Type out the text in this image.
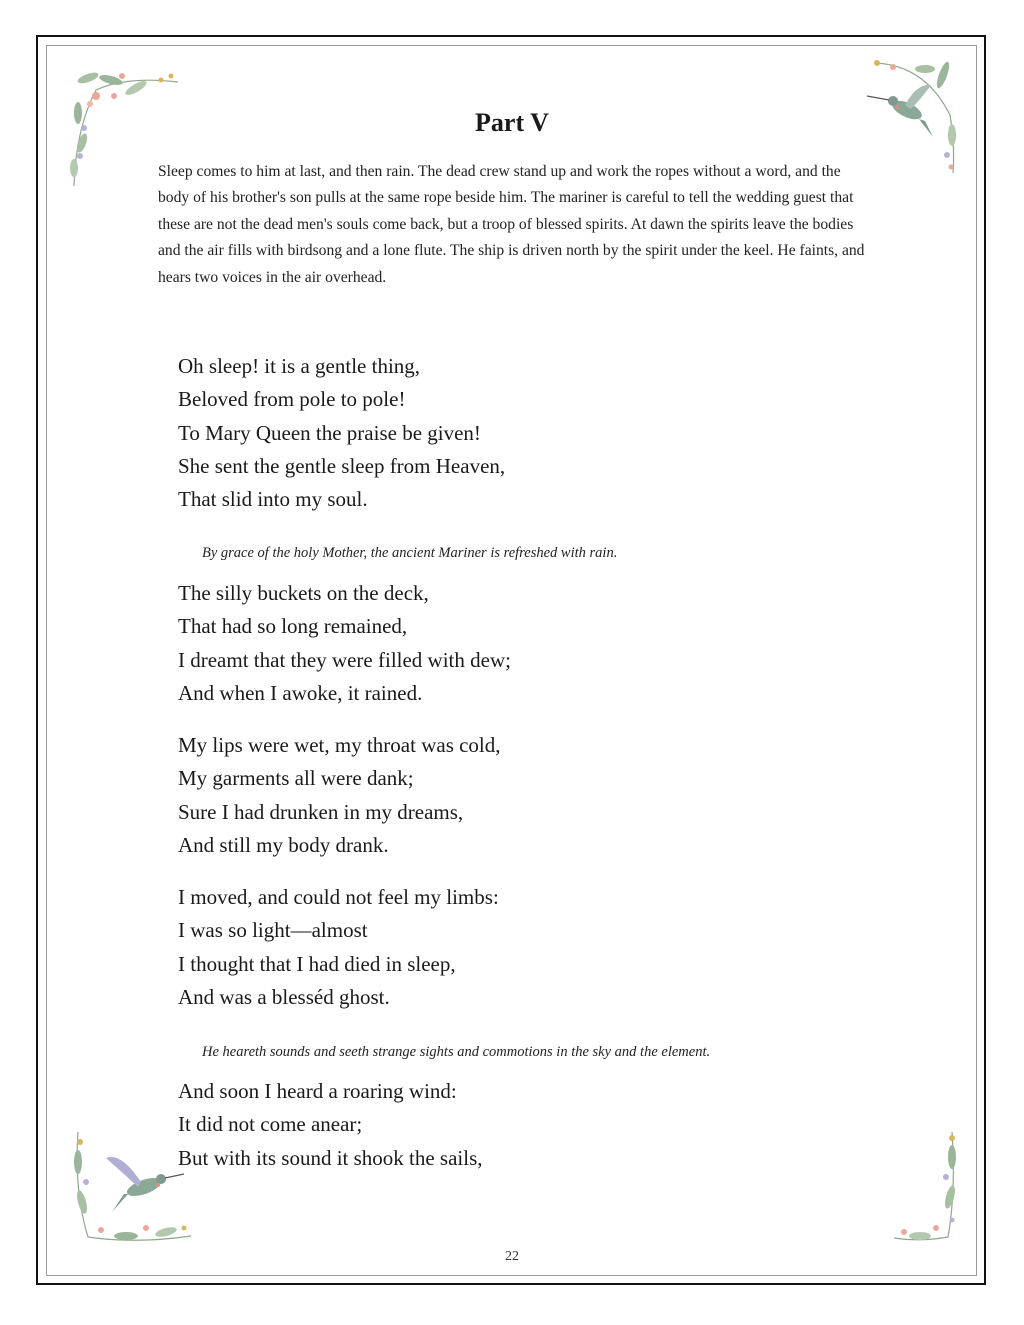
Part V

Sleep comes to him at last, and then rain. The dead crew stand up and work the ropes without a word, and the body of his brother's son pulls at the same rope beside him. The mariner is careful to tell the wedding guest that these are not the dead men's souls come back, but a troop of blessed spirits. At dawn the spirits leave the bodies and the air fills with birdsong and a lone flute. The ship is driven north by the spirit under the keel. He faints, and hears two voices in the air overhead.

Oh sleep! it is a gentle thing,
Beloved from pole to pole!
To Mary Queen the praise be given!
She sent the gentle sleep from Heaven,
That slid into my soul.

By grace of the holy Mother, the ancient Mariner is refreshed with rain.

The silly buckets on the deck,
That had so long remained,
I dreamt that they were filled with dew;
And when I awoke, it rained.
My lips were wet, my throat was cold,
My garments all were dank;
Sure I had drunken in my dreams,
And still my body drank.
I moved, and could not feel my limbs:
I was so light—almost
I thought that I had died in sleep,
And was a blesséd ghost.

He heareth sounds and seeth strange sights and commotions in the sky and the element.

And soon I heard a roaring wind:
It did not come anear;
But with its sound it shook the sails,
22
